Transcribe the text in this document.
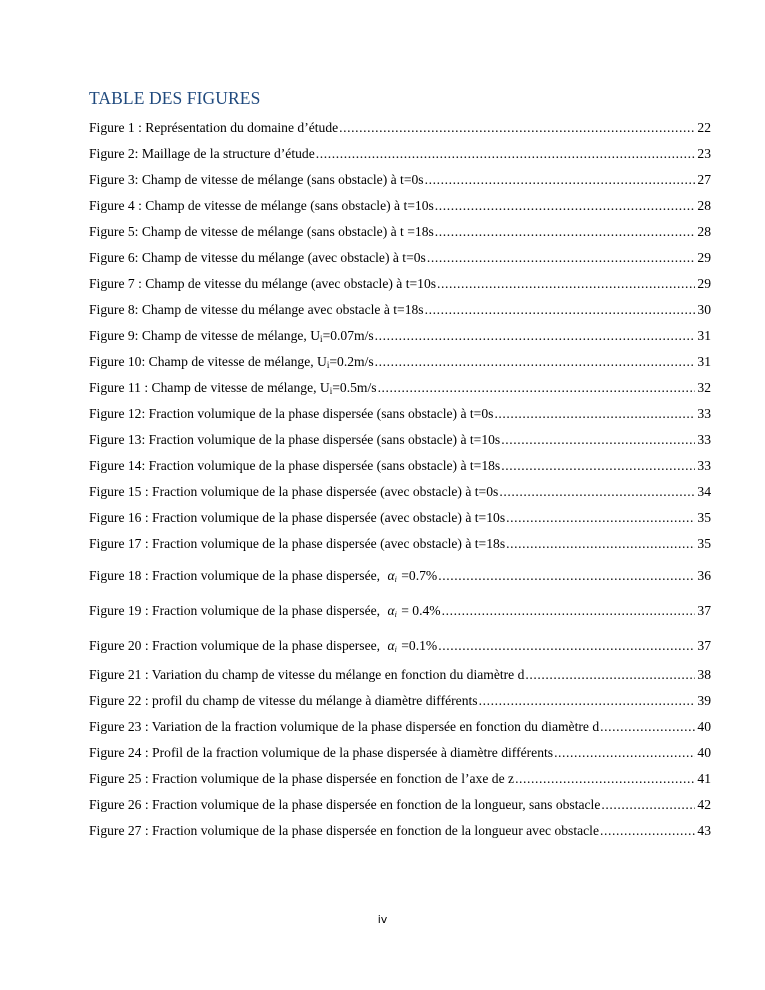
TABLE DES FIGURES
Figure 1 : Représentation du domaine d’étude .....	22
Figure 2: Maillage de la structure d’étude .....	23
Figure 3: Champ de vitesse de mélange (sans obstacle) à t=0s .....	27
Figure 4 : Champ de vitesse de mélange (sans obstacle) à t=10s .....	28
Figure 5: Champ de vitesse de mélange (sans obstacle) à t =18s .....	28
Figure 6: Champ de vitesse du mélange (avec obstacle) à t=0s .....	29
Figure 7 : Champ de vitesse du mélange (avec obstacle) à t=10s .....	29
Figure 8: Champ de vitesse du mélange avec obstacle à t=18s .....	30
Figure 9: Champ de vitesse de mélange, $U_i=0.07m/s$ .....	31
Figure 10: Champ de vitesse de mélange, $U_i=0.2m/s$ .....	31
Figure 11 : Champ de vitesse de mélange, $U_i=0.5m/s$ .....	32
Figure 12: Fraction volumique de la phase dispersée (sans obstacle) à t=0s .....	33
Figure 13: Fraction volumique de la phase dispersée (sans obstacle) à t=10s .....	33
Figure 14: Fraction volumique de la phase dispersée (sans obstacle) à t=18s .....	33
Figure 15 : Fraction volumique de la phase dispersée (avec obstacle) à t=0s .....	34
Figure 16 : Fraction volumique de la phase dispersée (avec obstacle) à t=10s .....	35
Figure 17 : Fraction volumique de la phase dispersée (avec obstacle) à t=18s .....	35
Figure 18 : Fraction volumique de la phase dispersée, $\alpha_i =0.7\%$ .....	36
Figure 19 : Fraction volumique de la phase dispersée, $\alpha_i = 0.4\%$ .....	37
Figure 20 : Fraction volumique de la phase dispersee, $\alpha_i =0.1\%$ .....	37
Figure 21 : Variation du champ de vitesse du mélange en fonction du diamètre d .....	38
Figure 22 : profil du champ de vitesse du mélange à diamètre différents .....	39
Figure 23 : Variation de la fraction volumique de la phase dispersée en fonction du diamètre d .....	40
Figure 24 : Profil de la fraction volumique de la phase dispersée à diamètre différents .....	40
Figure 25 : Fraction volumique de la phase dispersée en fonction de l’axe de z .....	41
Figure 26 : Fraction volumique de la phase dispersée en fonction de la longueur, sans obstacle .....	42
Figure 27 : Fraction volumique de la phase dispersée en fonction de la longueur avec obstacle .....	43
iv
